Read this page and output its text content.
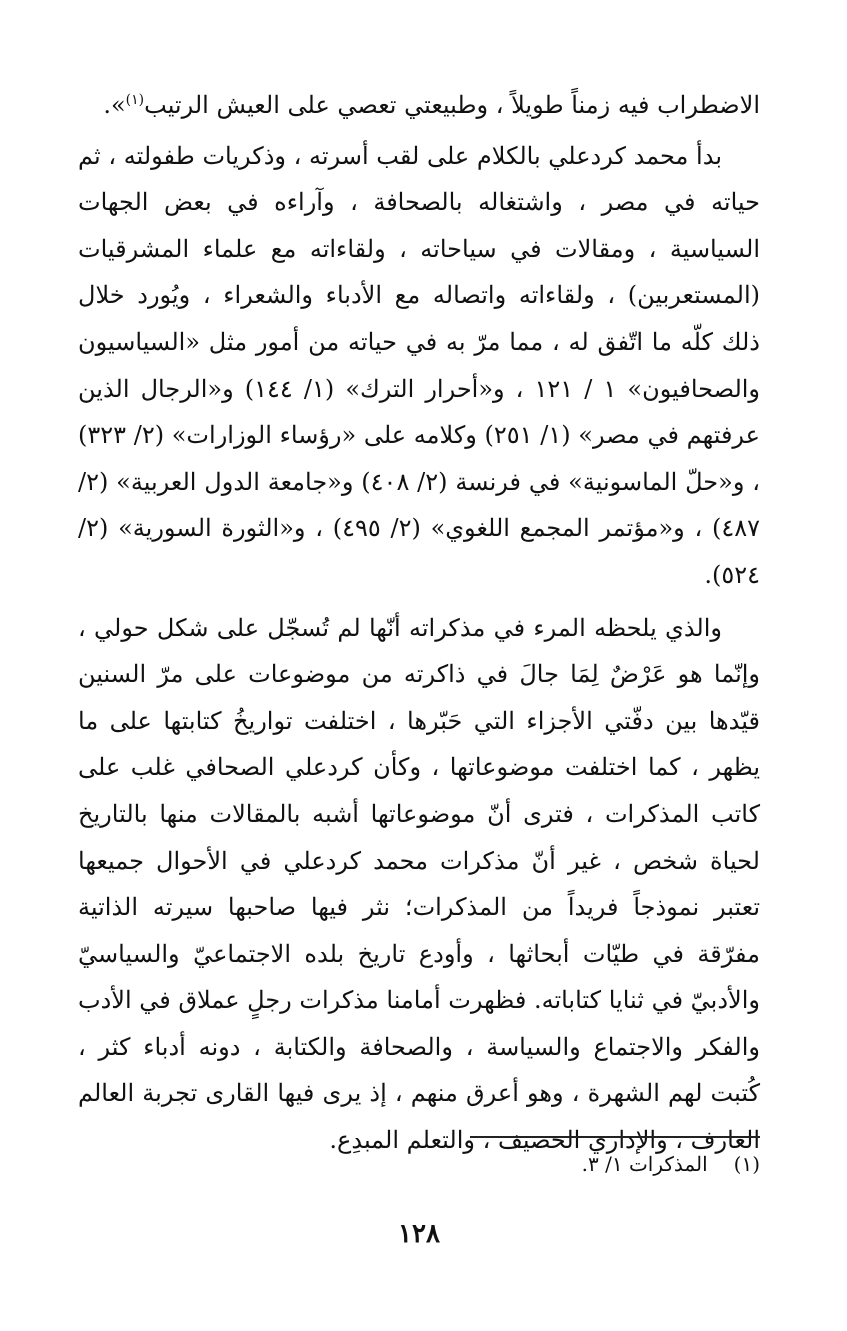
الاضطراب فيه زمناً طويلاً ، وطبيعتي تعصي على العيش الرتيب$^{(١)}$».

بدأ محمد كردعلي بالكلام على لقب أسرته ، وذكريات طفولته ، ثم حياته في مصر ، واشتغاله بالصحافة ، وآراءه في بعض الجهات السياسية ، ومقالات في سياحاته ، ولقاءاته مع علماء المشرقيات (المستعربين) ، ولقاءاته واتصاله مع الأدباء والشعراء ، ويُورد خلال ذلك كلّه ما اتّفق له ، مما مرّ به في حياته من أمور مثل «السياسيون والصحافيون» ١ / ١٢١ ، و«أحرار الترك» (١/ ١٤٤) و«الرجال الذين عرفتهم في مصر» (١/ ٢٥١) وكلامه على «رؤساء الوزارات» (٢/ ٣٢٣) ، و«حلّ الماسونية» في فرنسة (٢/ ٤٠٨) و«جامعة الدول العربية» (٢/ ٤٨٧) ، و«مؤتمر المجمع اللغوي» (٢/ ٤٩٥) ، و«الثورة السورية» (٢/ ٥٢٤).

والذي يلحظه المرء في مذكراته أنّها لم تُسجّل على شكل حولي ، وإنّما هو عَرْضٌ لِمَا جالَ في ذاكرته من موضوعات على مرّ السنين قيّدها بين دفّتي الأجزاء التي حَبّرها ، اختلفت تواريخُ كتابتها على ما يظهر ، كما اختلفت موضوعاتها ، وكأن كردعلي الصحافي غلب على كاتب المذكرات ، فترى أنّ موضوعاتها أشبه بالمقالات منها بالتاريخ لحياة شخص ، غير أنّ مذكرات محمد كردعلي في الأحوال جميعها تعتبر نموذجاً فريداً من المذكرات؛ نثر فيها صاحبها سيرته الذاتية مفرّقة في طيّات أبحاثها ، وأودع تاريخ بلده الاجتماعيّ والسياسيّ والأدبيّ في ثنايا كتاباته. فظهرت أمامنا مذكرات رجلٍ عملاق في الأدب والفكر والاجتماع والسياسة ، والصحافة والكتابة ، دونه أدباء كثر ، كُتبت لهم الشهرة ، وهو أعرق منهم ، إذ يرى فيها القارى تجربة العالم العارف ، والإداري الحصيف ، والتعلم المبدِع.

(١)المذكرات ١/ ٣.
١٢٨
